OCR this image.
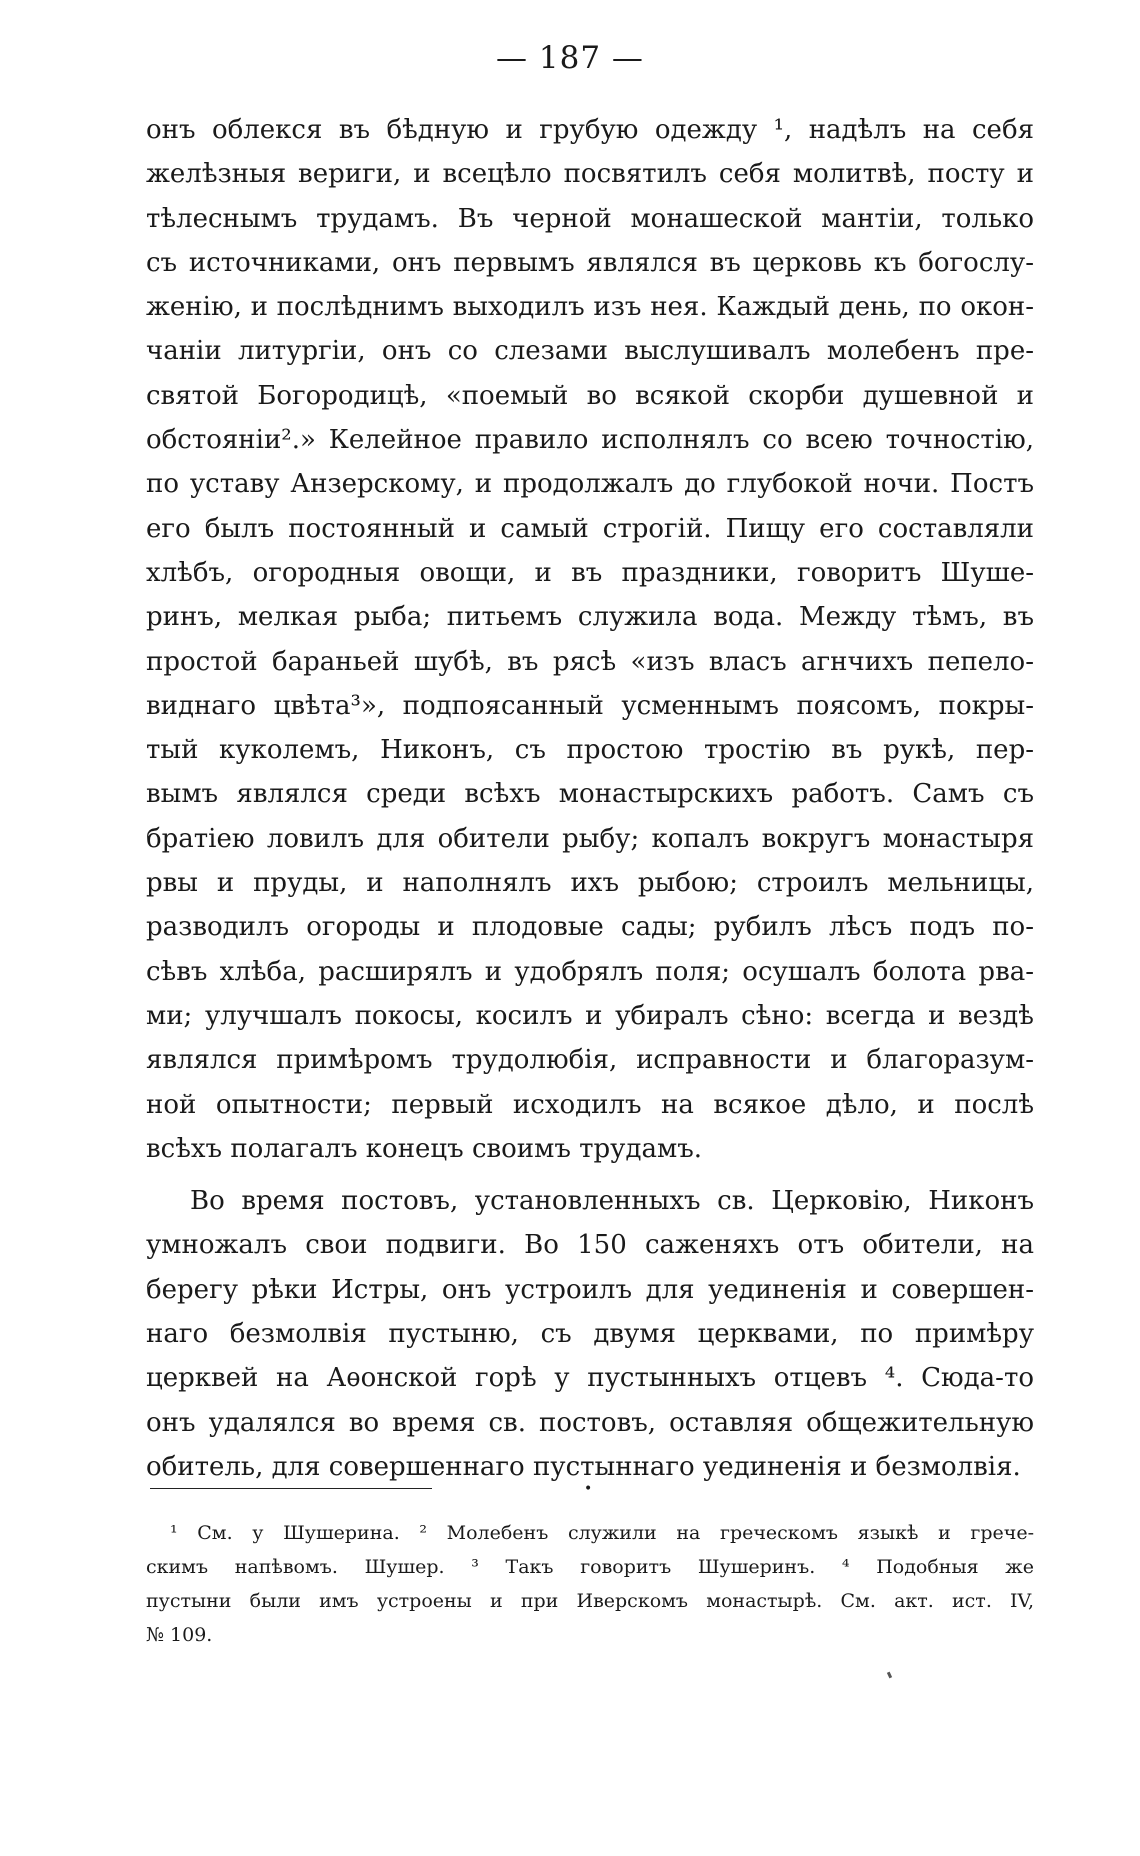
— 187 —
онъ облекся въ бѣдную и грубую одежду ¹, надѣлъ на себя
желѣзныя вериги, и всецѣло посвятилъ себя молитвѣ, посту и
тѣлеснымъ трудамъ. Въ черной монашеской мантіи, только
съ источниками, онъ первымъ являлся въ церковь къ богослу-
женію, и послѣднимъ выходилъ изъ нея. Каждый день, по окон-
чаніи литургіи, онъ со слезами выслушивалъ молебенъ пре-
святой Богородицѣ, «поемый во всякой скорби душевной и
обстояніи².» Келейное правило исполнялъ со всею точностію,
по уставу Анзерскому, и продолжалъ до глубокой ночи. Постъ
его былъ постоянный и самый строгій. Пищу его составляли
хлѣбъ, огородныя овощи, и въ праздники, говоритъ Шуше-
ринъ, мелкая рыба; питьемъ служила вода. Между тѣмъ, въ
простой бараньей шубѣ, въ рясѣ «изъ власъ агнчихъ пепело-
виднаго цвѣта³», подпоясанный усменнымъ поясомъ, покры-
тый куколемъ, Никонъ, съ простою тростію въ рукѣ, пер-
вымъ являлся среди всѣхъ монастырскихъ работъ. Самъ съ
братіею ловилъ для обители рыбу; копалъ вокругъ монастыря
рвы и пруды, и наполнялъ ихъ рыбою; строилъ мельницы,
разводилъ огороды и плодовые сады; рубилъ лѣсъ подъ по-
сѣвъ хлѣба, расширялъ и удобрялъ поля; осушалъ болота рва-
ми; улучшалъ покосы, косилъ и убиралъ сѣно: всегда и вездѣ
являлся примѣромъ трудолюбія, исправности и благоразум-
ной опытности; первый исходилъ на всякое дѣло, и послѣ
всѣхъ полагалъ конецъ своимъ трудамъ.
Во время постовъ, установленныхъ св. Церковію, Никонъ
умножалъ свои подвиги. Во 150 саженяхъ отъ обители, на
берегу рѣки Истры, онъ устроилъ для уединенія и совершен-
наго безмолвія пустыню, съ двумя церквами, по примѣру
церквей на Аѳонской горѣ у пустынныхъ отцевъ ⁴. Сюда-то
онъ удалялся во время св. постовъ, оставляя общежительную
обитель, для совершеннаго пустыннаго уединенія и безмолвія.
•
¹ См. у Шушерина. ² Молебенъ служили на греческомъ языкѣ и грече-
скимъ напѣвомъ. Шушер. ³ Такъ говоритъ Шушеринъ. ⁴ Подобныя же
пустыни были имъ устроены и при Иверскомъ монастырѣ. См. акт. ист. IV,
№ 109.
